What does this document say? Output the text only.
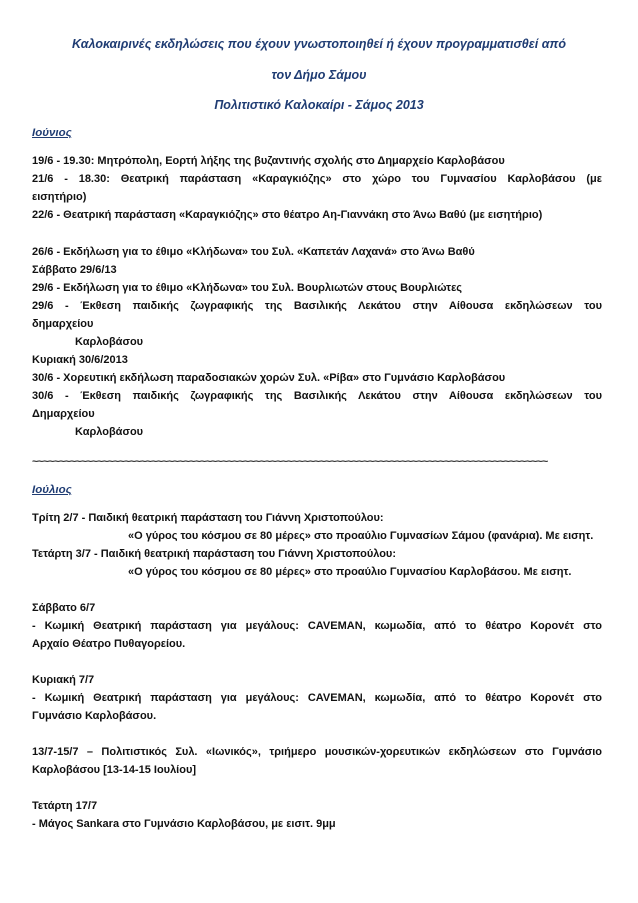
Καλοκαιρινές εκδηλώσεις που έχουν γνωστοποιηθεί ή έχουν προγραμματισθεί από
τον Δήμο Σάμου
Πολιτιστικό Καλοκαίρι - Σάμος 2013
Ιούνιος
19/6 - 19.30: Μητρόπολη, Εορτή λήξης της βυζαντινής σχολής στο Δημαρχείο Καρλοβάσου
21/6 - 18.30: Θεατρική παράσταση «Καραγκιόζης» στο χώρο του Γυμνασίου Καρλοβάσου (με
εισητήριο)
22/6 - Θεατρική παράσταση «Καραγκιόζης» στο θέατρο Αη-Γιαννάκη στο Άνω Βαθύ (με εισητήριο)
26/6 - Εκδήλωση για το έθιμο «Κλήδωνα» του Συλ. «Καπετάν Λαχανά» στο Άνω Βαθύ
Σάββατο 29/6/13
29/6 - Εκδήλωση για το έθιμο «Κλήδωνα» του Συλ. Βουρλιωτών στους Βουρλιώτες
29/6 - Έκθεση παιδικής ζωγραφικής της Βασιλικής Λεκάτου στην Αίθουσα εκδηλώσεων του
δημαρχείου
Καρλοβάσου
Κυριακή 30/6/2013
30/6 - Χορευτική εκδήλωση παραδοσιακών χορών Συλ. «Ρίβα» στο Γυμνάσιο Καρλοβάσου
30/6 - Έκθεση παιδικής ζωγραφικής της Βασιλικής Λεκάτου στην Αίθουσα εκδηλώσεων του
Δημαρχείου
Καρλοβάσου
~~~~~~~~~~~~~~~~~~~~~~~~~~~~~~~~~~~~~~~~~~~~~~~~~~~~~~~~~~~~~~~~~~~~~~~~~~~~~~~~~~~~~~~~~~~~~~~
Ιούλιος
Τρίτη 2/7 - Παιδική θεατρική παράσταση του Γιάννη Χριστοπούλου:
«Ο γύρος του κόσμου σε 80 μέρες» στο προαύλιο Γυμνασίων Σάμου (φανάρια). Με εισητ.
Τετάρτη 3/7 - Παιδική θεατρική παράσταση του Γιάννη Χριστοπούλου:
«Ο γύρος του κόσμου σε 80 μέρες» στο προαύλιο Γυμνασίου Καρλοβάσου. Με εισητ.
Σάββατο 6/7
- Κωμική Θεατρική παράσταση για μεγάλους: CAVEMAN, κωμωδία, από το θέατρο Κορονέτ στο
Αρχαίο Θέατρο Πυθαγορείου.
Κυριακή 7/7
- Κωμική Θεατρική παράσταση για μεγάλους: CAVEMAN, κωμωδία, από το θέατρο Κορονέτ στο
Γυμνάσιο Καρλοβάσου.
13/7-15/7 – Πολιτιστικός Συλ. «Ιωνικός», τριήμερο μουσικών-χορευτικών εκδηλώσεων στο Γυμνάσιο
Καρλοβάσου [13-14-15 Ιουλίου]
Τετάρτη 17/7
- Μάγος Sankara στο Γυμνάσιο Καρλοβάσου, με εισιτ. 9μμ
